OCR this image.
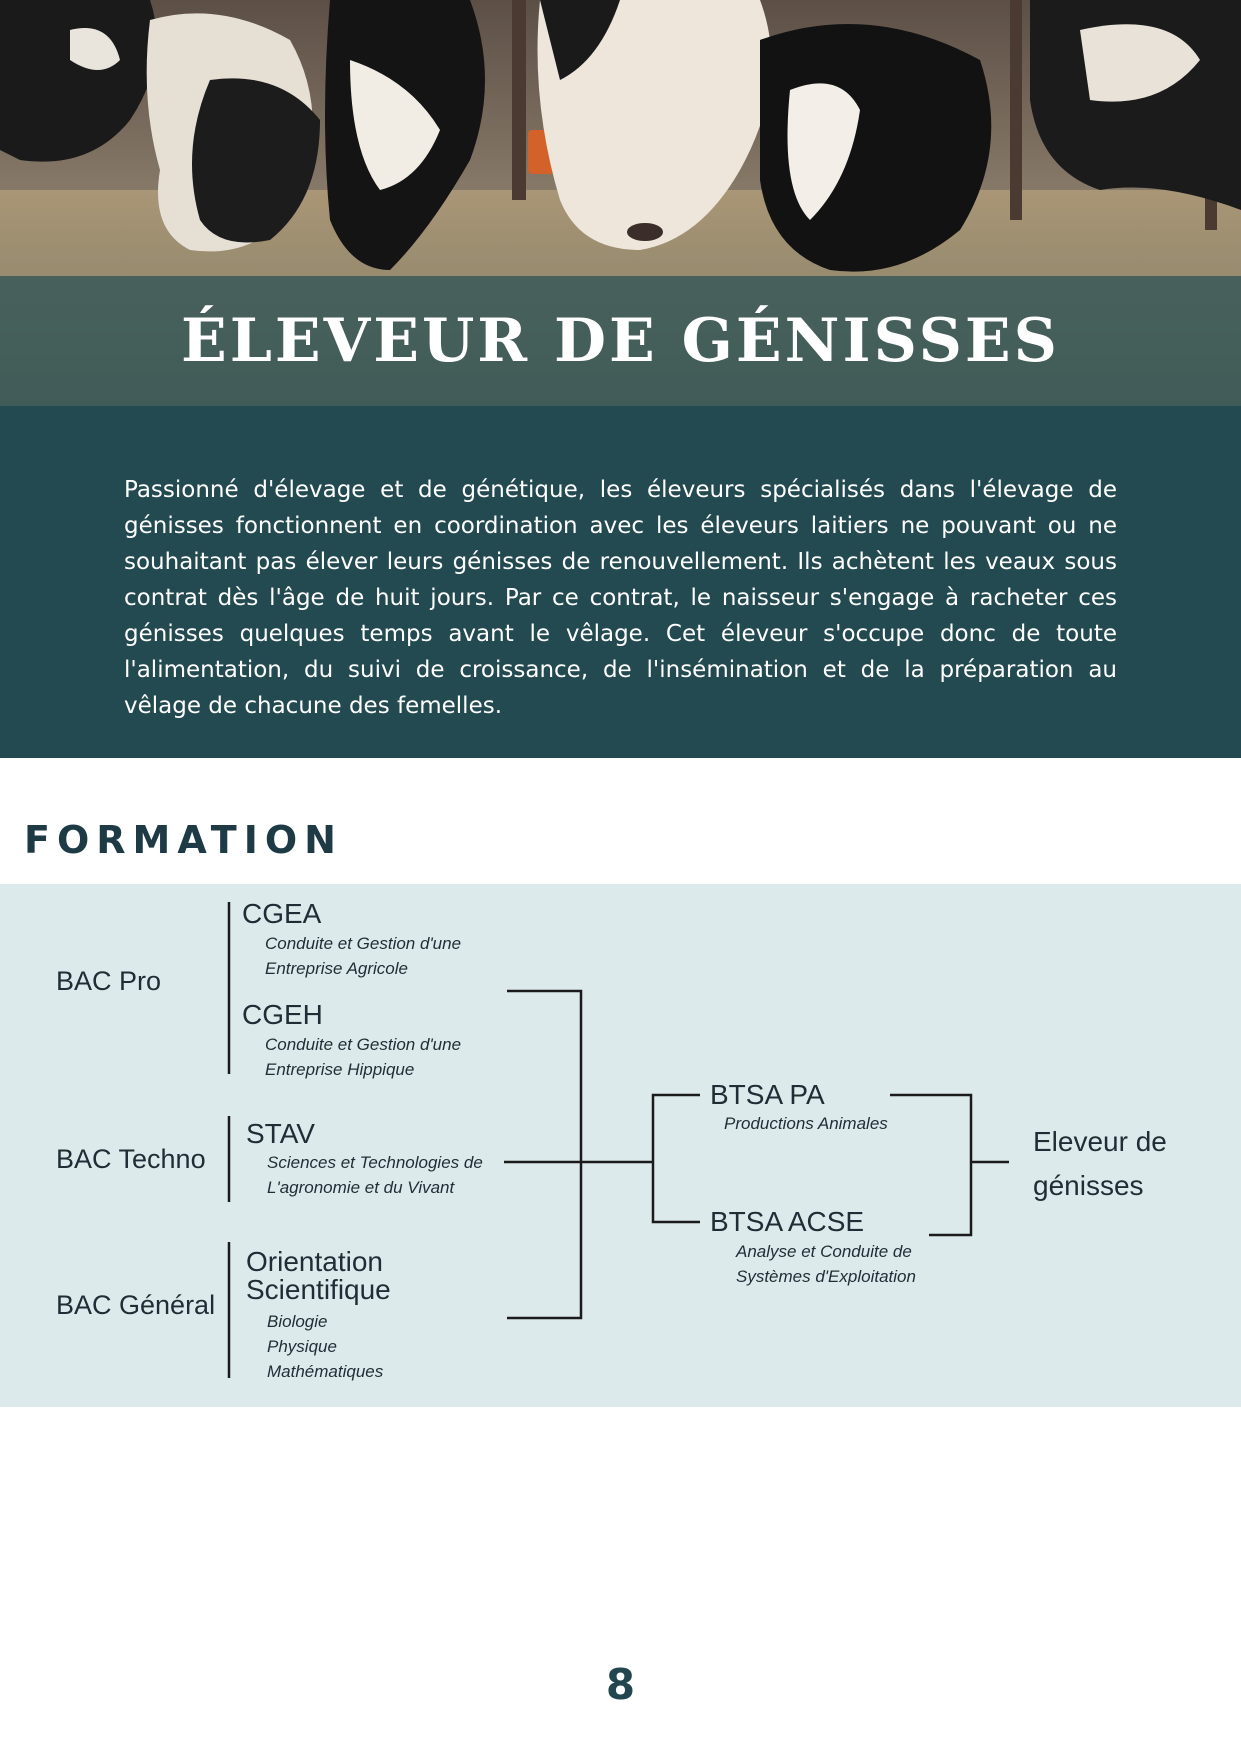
ÉLEVEUR DE GÉNISSES

Passionné d'élevage et de génétique, les éleveurs spécialisés dans l'élevage de génisses fonctionnent en coordination avec les éleveurs laitiers ne pouvant ou ne souhaitant pas élever leurs génisses de renouvellement. Ils achètent les veaux sous contrat dès l'âge de huit jours. Par ce contrat, le naisseur s'engage à racheter ces génisses quelques temps avant le vêlage. Cet éleveur s'occupe donc de toute l'alimentation, du suivi de croissance, de l'insémination et de la préparation au vêlage de chacune des femelles.

FORMATION
BAC Pro
BAC Techno
BAC Général
CGEA
Conduite et Gestion d'une
Entreprise Agricole
CGEH
Conduite et Gestion d'une
Entreprise Hippique
STAV
Sciences et Technologies de
L'agronomie et du Vivant
Orientation
Scientifique
Biologie
Physique
Mathématiques
BTSA PA
Productions Animales
BTSA ACSE
Analyse et Conduite de
Systèmes d'Exploitation
Eleveur de
génisses

8
